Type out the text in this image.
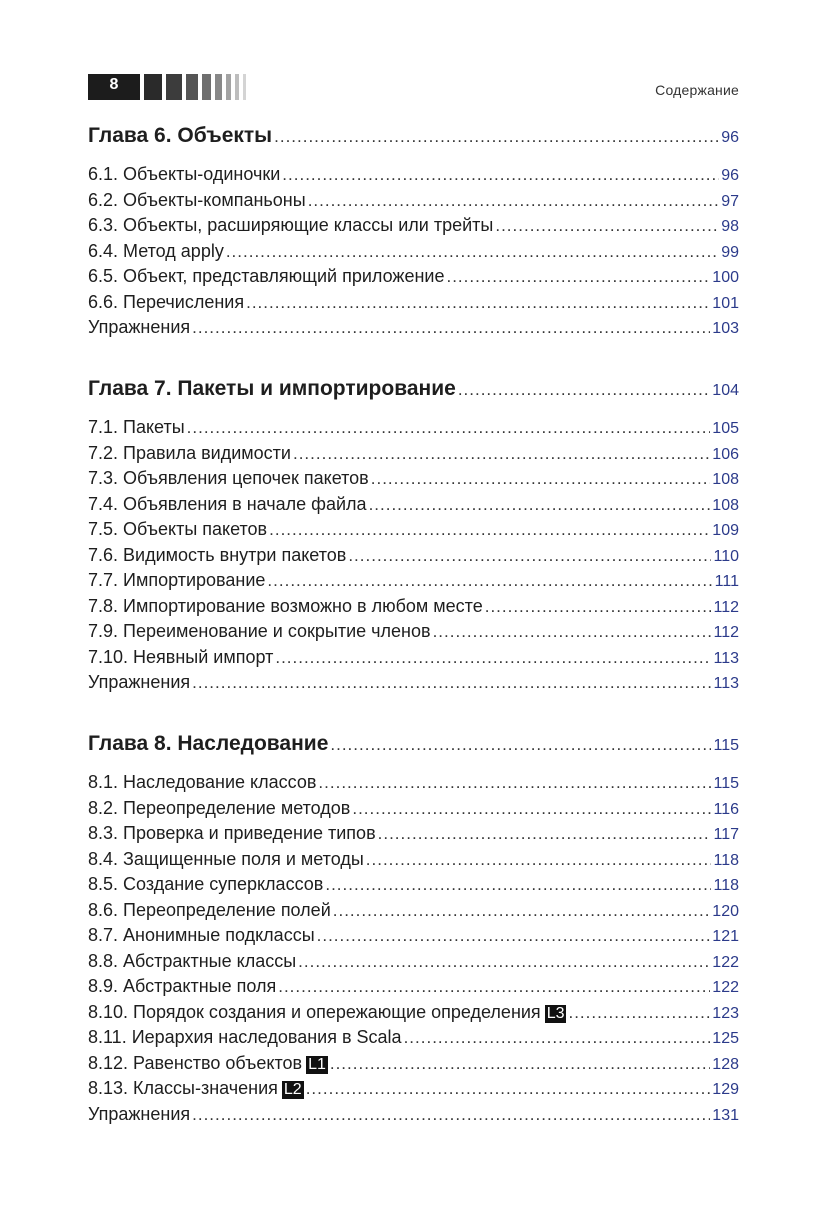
8	Содержание
Глава 6. Объекты .....	96
6.1. Объекты-одиночки .....	96
6.2. Объекты-компаньоны .....	97
6.3. Объекты, расширяющие классы или трейты .....	98
6.4. Метод apply .....	99
6.5. Объект, представляющий приложение .....	100
6.6. Перечисления .....	101
Упражнения .....	103
Глава 7. Пакеты и импортирование .....	104
7.1. Пакеты .....	105
7.2. Правила видимости .....	106
7.3. Объявления цепочек пакетов .....	108
7.4. Объявления в начале файла .....	108
7.5. Объекты пакетов .....	109
7.6. Видимость внутри пакетов .....	110
7.7. Импортирование .....	111
7.8. Импортирование возможно в любом месте .....	112
7.9. Переименование и сокрытие членов .....	112
7.10. Неявный импорт .....	113
Упражнения .....	113
Глава 8. Наследование .....	115
8.1. Наследование классов .....	115
8.2. Переопределение методов .....	116
8.3. Проверка и приведение типов .....	117
8.4. Защищенные поля и методы .....	118
8.5. Создание суперклассов .....	118
8.6. Переопределение полей .....	120
8.7. Анонимные подклассы .....	121
8.8. Абстрактные классы .....	122
8.9. Абстрактные поля .....	122
8.10. Порядок создания и опережающие определения L3 .....	123
8.11. Иерархия наследования в Scala .....	125
8.12. Равенство объектов L1 .....	128
8.13. Классы-значения L2 .....	129
Упражнения .....	131
